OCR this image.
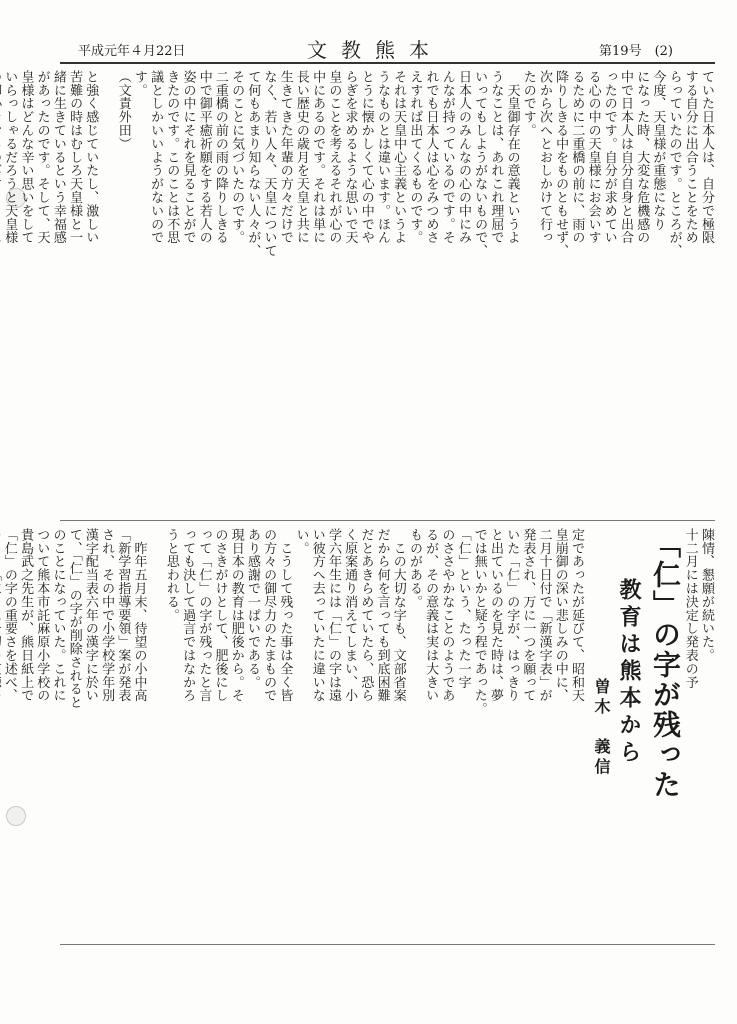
平成元年４月22日	文教熊本	第19号　(2)
ていた日本人は、自分で極限
する自分に出合うことをため
らっていたのです。ところが、
今度、天皇様が重態になり
になった時、大変な危機感の
中で日本人は自分自身と出合
ったのです。自分が求めてい
る心の中の天皇様にお会いす
るために二重橋の前に、雨の
降りしきる中をものともせず、
次から次へとおしかけて行っ
たのです。
　天皇御存在の意義というよ
うなことは、あれこれ理屈で
いってもしようがないもので、
日本人のみんなの心の中にみ
んなが持っているのです。そ
れでも日本人は心をみつめさ
えすれば出てくるものです。
それは天皇中心主義というよ
うなものとは違います。ほん
とうに懐かしくて心の中でや
らぎを求めるような思いで天
皇のことを考えるそれが心の
中にあるのです。それは単に
長い歴史の歳月を天皇と共に
生きてきた年輩の方々だけで
なく、若い人々、天皇について
て何もあまり知らない人々が、
そのことに気づいたのです。
二重橋の前の雨の降りしきる
中で御平癒祈願をする若人の
姿の中にそれを見ることがで
きたのです。このことは不思
議としかいいようがないので
す。
（文責外田）

と強く感じていたし、激しい
苦難の時はむしろ天皇様と一
緒に生きているという幸福感
があったのです。そして、天
皇様はどんな辛い思いをして
いらっしゃるだろうと天皇様

陳情、懇願が続いた。
十二月には決定し発表の予
「仁」の字が残った
教育は熊本から
曽木　義信
定であったが延びて、昭和天
皇崩御の深い悲しみの中に、
二月十日付で「新漢字表」が
発表され、万に一つを願って
いた「仁」の字が、はっきり
と出ているのを見た時は、夢
では無いかと疑う程であった。
「仁」という、たった一字
のささやかなことのようであ
るが、その意義は実は大きい
ものがある。
　この大切な字も、文部省案
だから何を言っても到底困難
だとあきらめていたら、恐ら
く原案通り消えてしまい、小
学六年生には「仁」の字は遠
い彼方へ去っていたに違いな
い。
　こうして残った事は全く皆
の方々の御尽力のたまもので
あり感謝で一ぱいである。
現日本の教育は肥後から。そ
のさきがけとして、肥後にし
って「仁」の字が残ったと言
っても決して過言ではなかろ
うと思われる。

　昨年五月末、待望の小中高
「新学習指導要領」案が発表
され、その中で小学校学年別
漢字配当表六年の漢字に於い
て、「仁」の字が削除されると
のことになっていた。これに
ついて熊本市託麻原小学校の
貴島武之先生が、熊日紙上で
「仁」の字の重要さを述べ、
